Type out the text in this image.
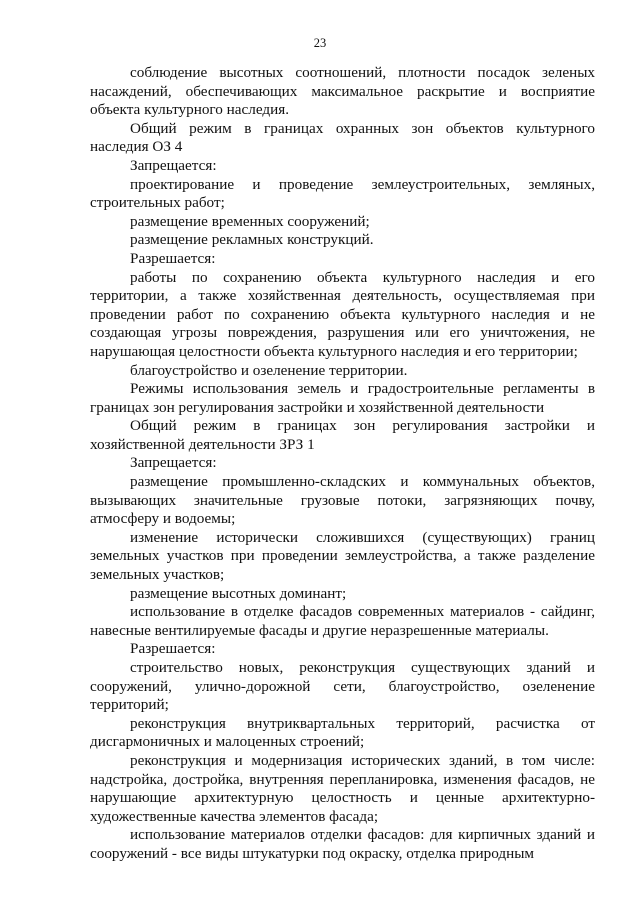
23

соблюдение высотных соотношений, плотности посадок зеленых насаждений, обеспечивающих максимальное раскрытие и восприятие объекта культурного наследия.

Общий режим в границах охранных зон объектов культурного наследия ОЗ 4

Запрещается:

проектирование и проведение землеустроительных, земляных, строительных работ;

размещение временных сооружений;

размещение рекламных конструкций.

Разрешается:

работы по сохранению объекта культурного наследия и его территории, а также хозяйственная деятельность, осуществляемая при проведении работ по сохранению объекта культурного наследия и не создающая угрозы повреждения, разрушения или его уничтожения, не нарушающая целостности объекта культурного наследия и его территории;

благоустройство и озеленение территории.

Режимы использования земель и градостроительные регламенты в границах зон регулирования застройки и хозяйственной деятельности

Общий режим в границах зон регулирования застройки и хозяйственной деятельности ЗРЗ 1

Запрещается:

размещение промышленно-складских и коммунальных объектов, вызывающих значительные грузовые потоки, загрязняющих почву, атмосферу и водоемы;

изменение исторически сложившихся (существующих) границ земельных участков при проведении землеустройства, а также разделение земельных участков;

размещение высотных доминант;

использование в отделке фасадов современных материалов - сайдинг, навесные вентилируемые фасады и другие неразрешенные материалы.

Разрешается:

строительство новых, реконструкция существующих зданий и сооружений, улично-дорожной сети, благоустройство, озеленение территорий;

реконструкция внутриквартальных территорий, расчистка от дисгармоничных и малоценных строений;

реконструкция и модернизация исторических зданий, в том числе: надстройка, достройка, внутренняя перепланировка, изменения фасадов, не нарушающие архитектурную целостность и ценные архитектурно-художественные качества элементов фасада;

использование материалов отделки фасадов: для кирпичных зданий и сооружений - все виды штукатурки под окраску, отделка природным
